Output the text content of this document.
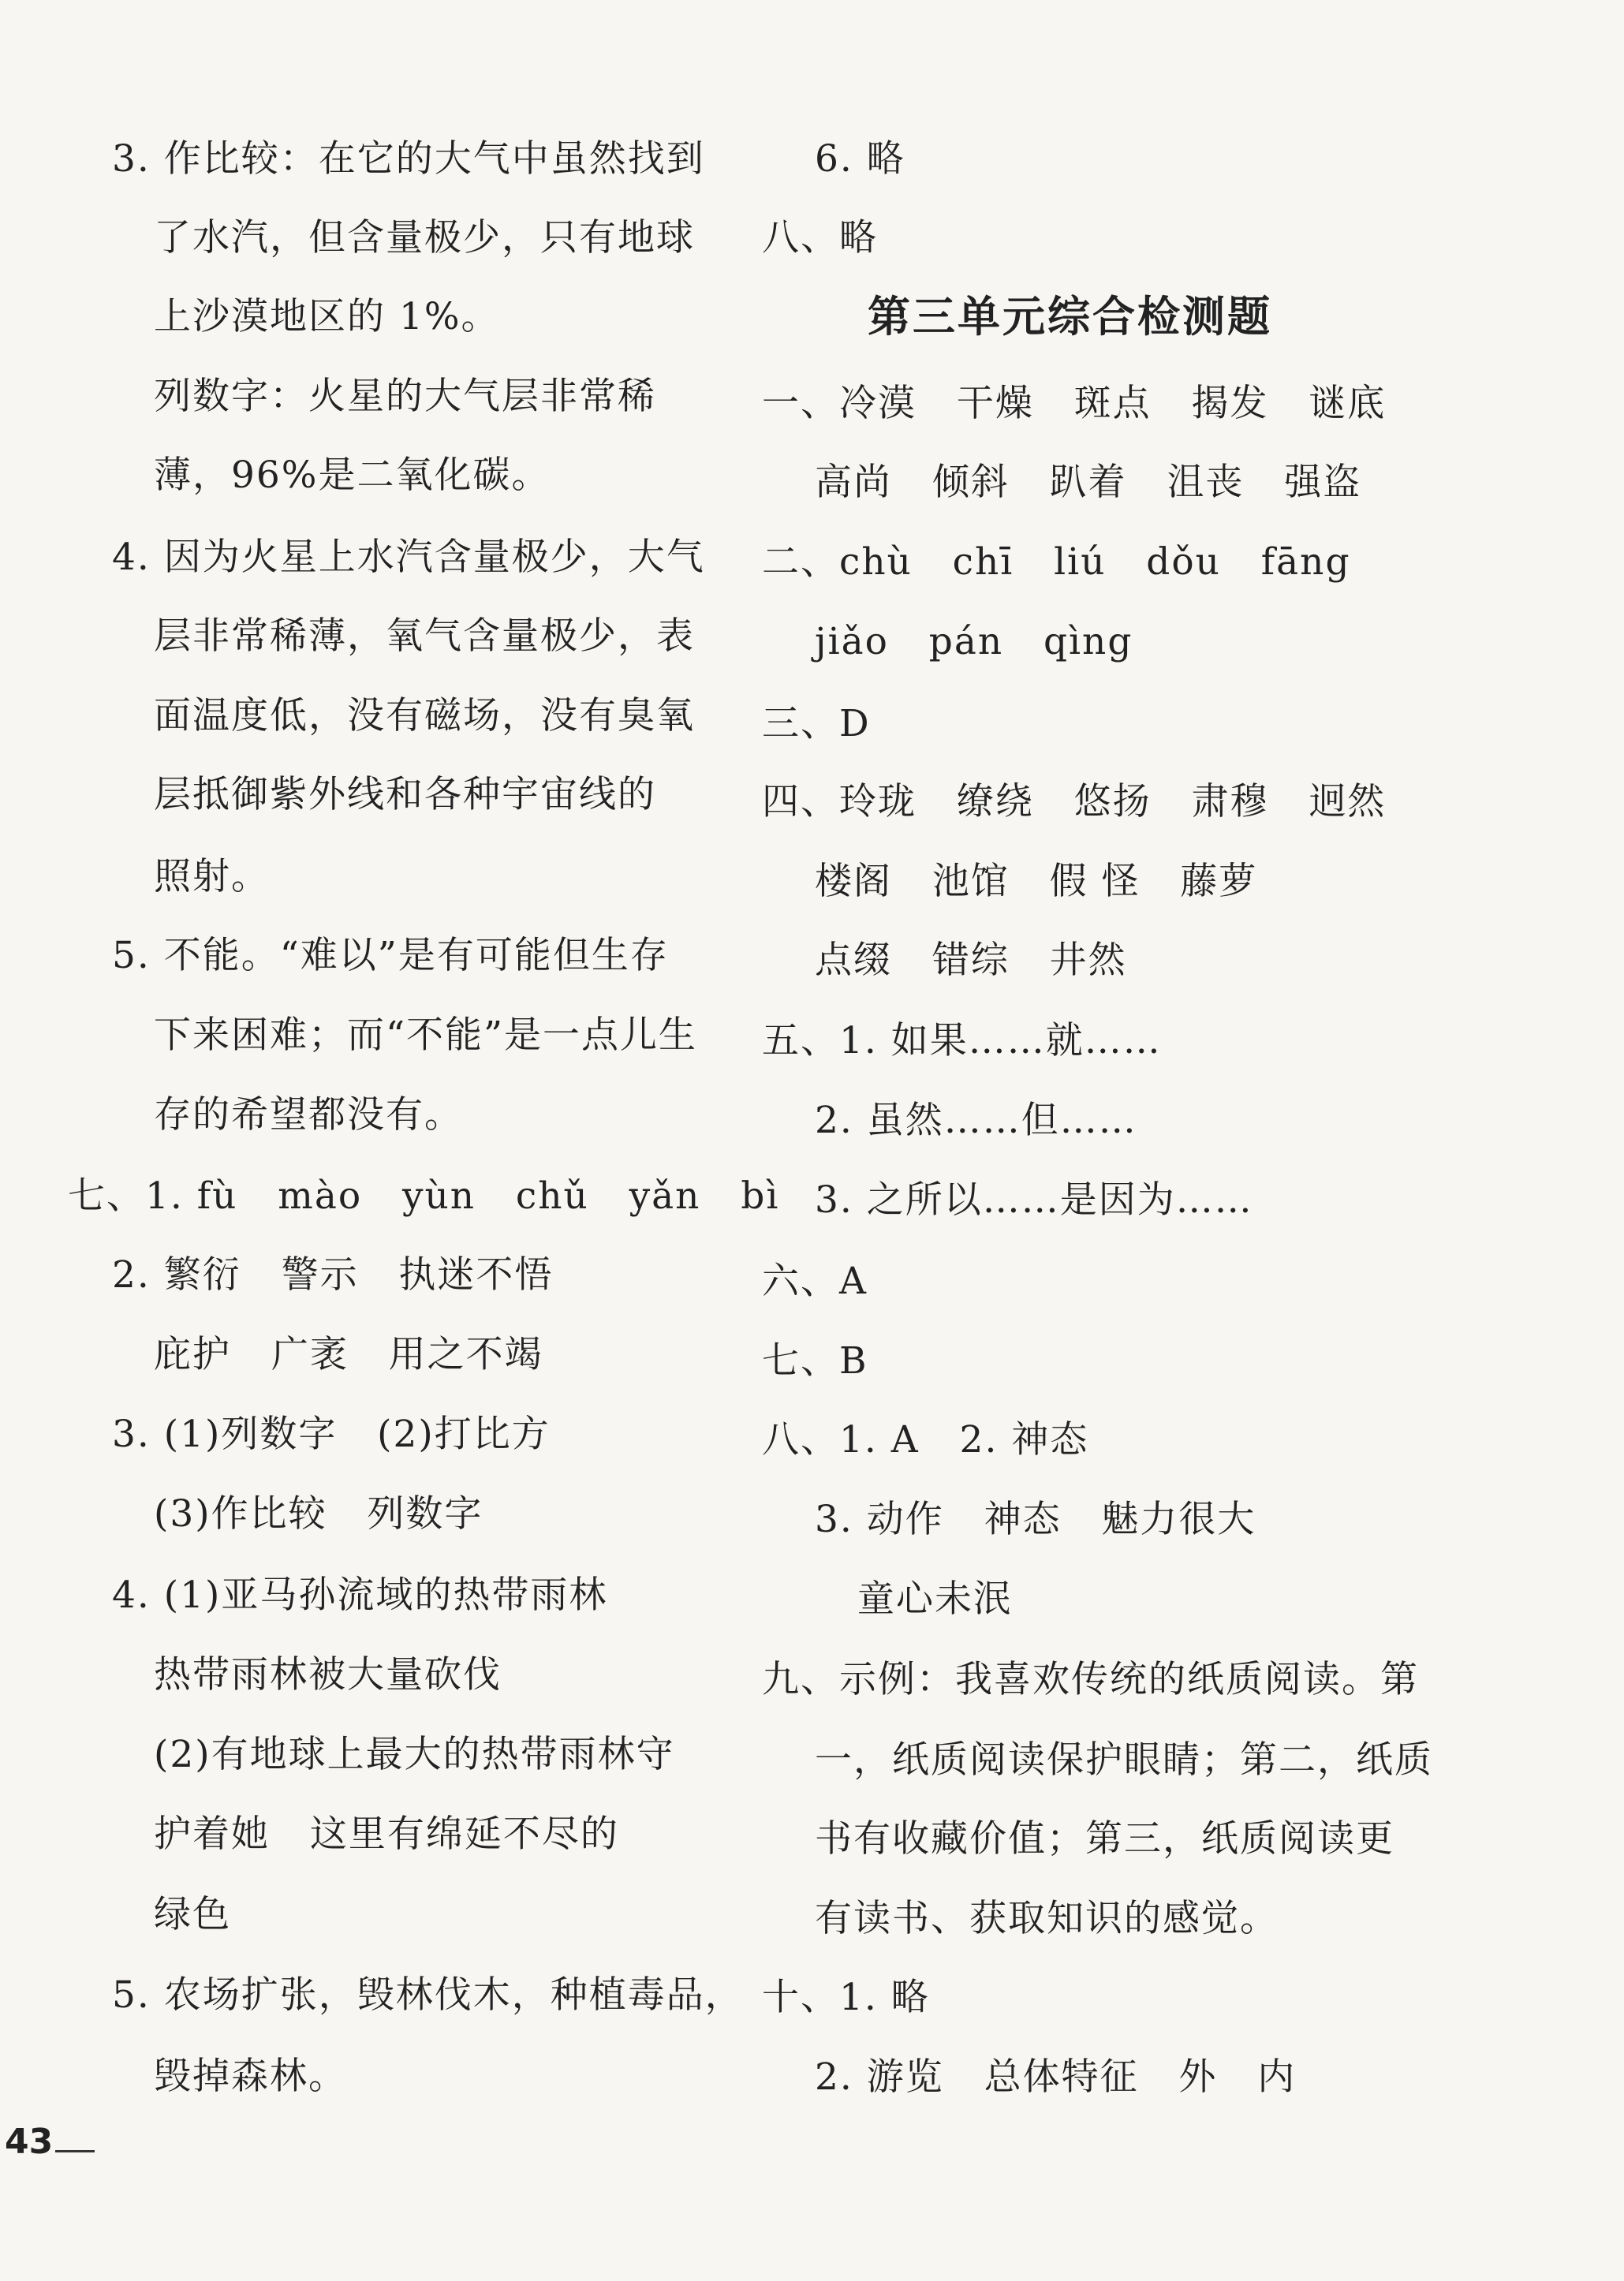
3. 作比较：在它的大气中虽然找到
了水汽，但含量极少，只有地球
上沙漠地区的 1%。
列数字：火星的大气层非常稀
薄，96%是二氧化碳。
4. 因为火星上水汽含量极少，大气
层非常稀薄，氧气含量极少，表
面温度低，没有磁场，没有臭氧
层抵御紫外线和各种宇宙线的
照射。
5. 不能。“难以”是有可能但生存
下来困难；而“不能”是一点儿生
存的希望都没有。
七、1. fù   mào   yùn   chǔ   yǎn   bì
2. 繁衍   警示   执迷不悟
庇护   广袤   用之不竭
3. (1)列数字   (2)打比方
(3)作比较   列数字
4. (1)亚马孙流域的热带雨林
热带雨林被大量砍伐
(2)有地球上最大的热带雨林守
护着她   这里有绵延不尽的
绿色
5. 农场扩张，毁林伐木，种植毒品，
毁掉森林。
6. 略
八、略
第三单元综合检测题
一、冷漠   干燥   斑点   揭发   谜底
高尚   倾斜   趴着   沮丧   强盗
二、chù   chī   liú   dǒu   fāng
jiǎo   pán   qìng
三、D
四、玲珑   缭绕   悠扬   肃穆   迥然
楼阁   池馆   假 怪   藤萝
点缀   错综   井然
五、1. 如果……就……
2. 虽然……但……
3. 之所以……是因为……
六、A
七、B
八、1. A   2. 神态
3. 动作   神态   魅力很大
童心未泯
九、示例：我喜欢传统的纸质阅读。第
一，纸质阅读保护眼睛；第二，纸质
书有收藏价值；第三，纸质阅读更
有读书、获取知识的感觉。
十、1. 略
2. 游览   总体特征   外   内
43
